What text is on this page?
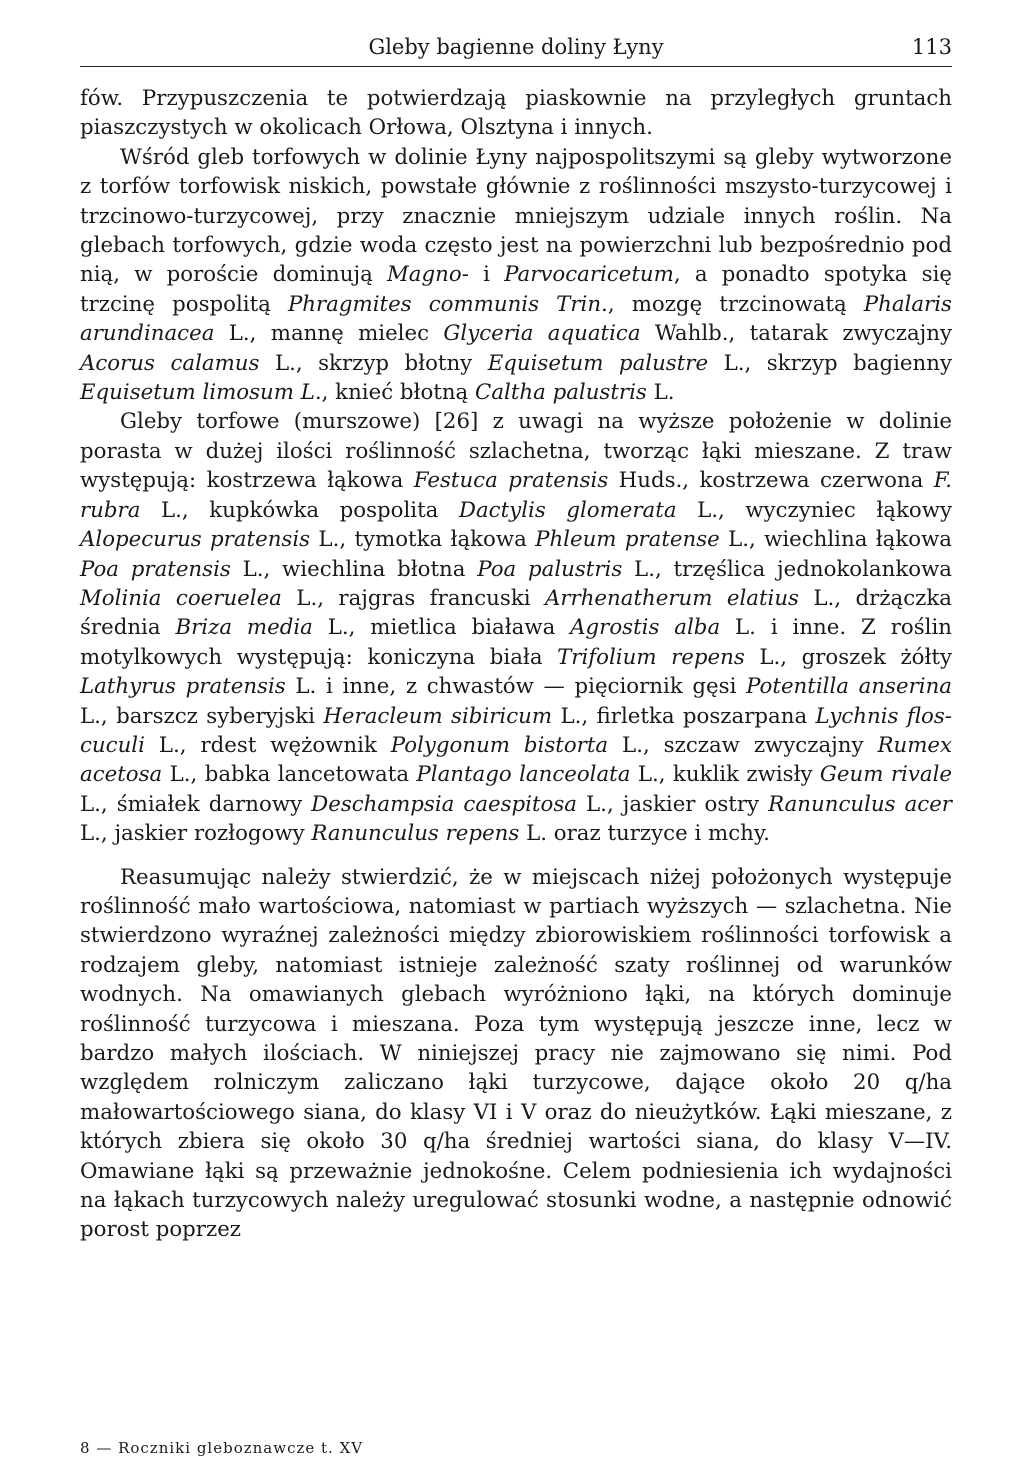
Gleby bagienne doliny Łyny	113

fów. Przypuszczenia te potwierdzają piaskownie na przyległych gruntach piaszczystych w okolicach Orłowa, Olsztyna i innych.

Wśród gleb torfowych w dolinie Łyny najpospolitszymi są gleby wytworzone z torfów torfowisk niskich, powstałe głównie z roślinności mszysto-turzycowej i trzcinowo-turzycowej, przy znacznie mniejszym udziale innych roślin. Na glebach torfowych, gdzie woda często jest na powierzchni lub bezpośrednio pod nią, w poroście dominują Magno- i Parvocaricetum, a ponadto spotyka się trzcinę pospolitą Phragmites communis Trin., mozgę trzcinowatą Phalaris arundinacea L., mannę mielec Glyceria aquatica Wahlb., tatarak zwyczajny Acorus calamus L., skrzyp błotny Equisetum palustre L., skrzyp bagienny Equisetum limosum L., knieć błotną Caltha palustris L.

Gleby torfowe (murszowe) [26] z uwagi na wyższe położenie w dolinie porasta w dużej ilości roślinność szlachetna, tworząc łąki mieszane. Z traw występują: kostrzewa łąkowa Festuca pratensis Huds., kostrzewa czerwona F. rubra L., kupkówka pospolita Dactylis glomerata L., wyczyniec łąkowy Alopecurus pratensis L., tymotka łąkowa Phleum pratense L., wiechlina łąkowa Poa pratensis L., wiechlina błotna Poa palustris L., trzęślica jednokolankowa Molinia coeruelea L., rajgras francuski Arrhenatherum elatius L., drżączka średnia Briza media L., mietlica biaława Agrostis alba L. i inne. Z roślin motylkowych występują: koniczyna biała Trifolium repens L., groszek żółty Lathyrus pratensis L. i inne, z chwastów — pięciornik gęsi Potentilla anserina L., barszcz syberyjski Heracleum sibiricum L., firletka poszarpana Lychnis flos-cuculi L., rdest wężownik Polygonum bistorta L., szczaw zwyczajny Rumex acetosa L., babka lancetowata Plantago lanceolata L., kuklik zwisły Geum rivale L., śmiałek darnowy Deschampsia caespitosa L., jaskier ostry Ranunculus acer L., jaskier rozłogowy Ranunculus repens L. oraz turzyce i mchy.

Reasumując należy stwierdzić, że w miejscach niżej położonych występuje roślinność mało wartościowa, natomiast w partiach wyższych — szlachetna. Nie stwierdzono wyraźnej zależności między zbiorowiskiem roślinności torfowisk a rodzajem gleby, natomiast istnieje zależność szaty roślinnej od warunków wodnych. Na omawianych glebach wyróżniono łąki, na których dominuje roślinność turzycowa i mieszana. Poza tym występują jeszcze inne, lecz w bardzo małych ilościach. W niniejszej pracy nie zajmowano się nimi. Pod względem rolniczym zaliczano łąki turzycowe, dające około 20 q/ha małowartościowego siana, do klasy VI i V oraz do nieużytków. Łąki mieszane, z których zbiera się około 30 q/ha średniej wartości siana, do klasy V—IV. Omawiane łąki są przeważnie jednokośne. Celem podniesienia ich wydajności na łąkach turzycowych należy uregulować stosunki wodne, a następnie odnowić porost poprzez

8 — Roczniki gleboznawcze t. XV
